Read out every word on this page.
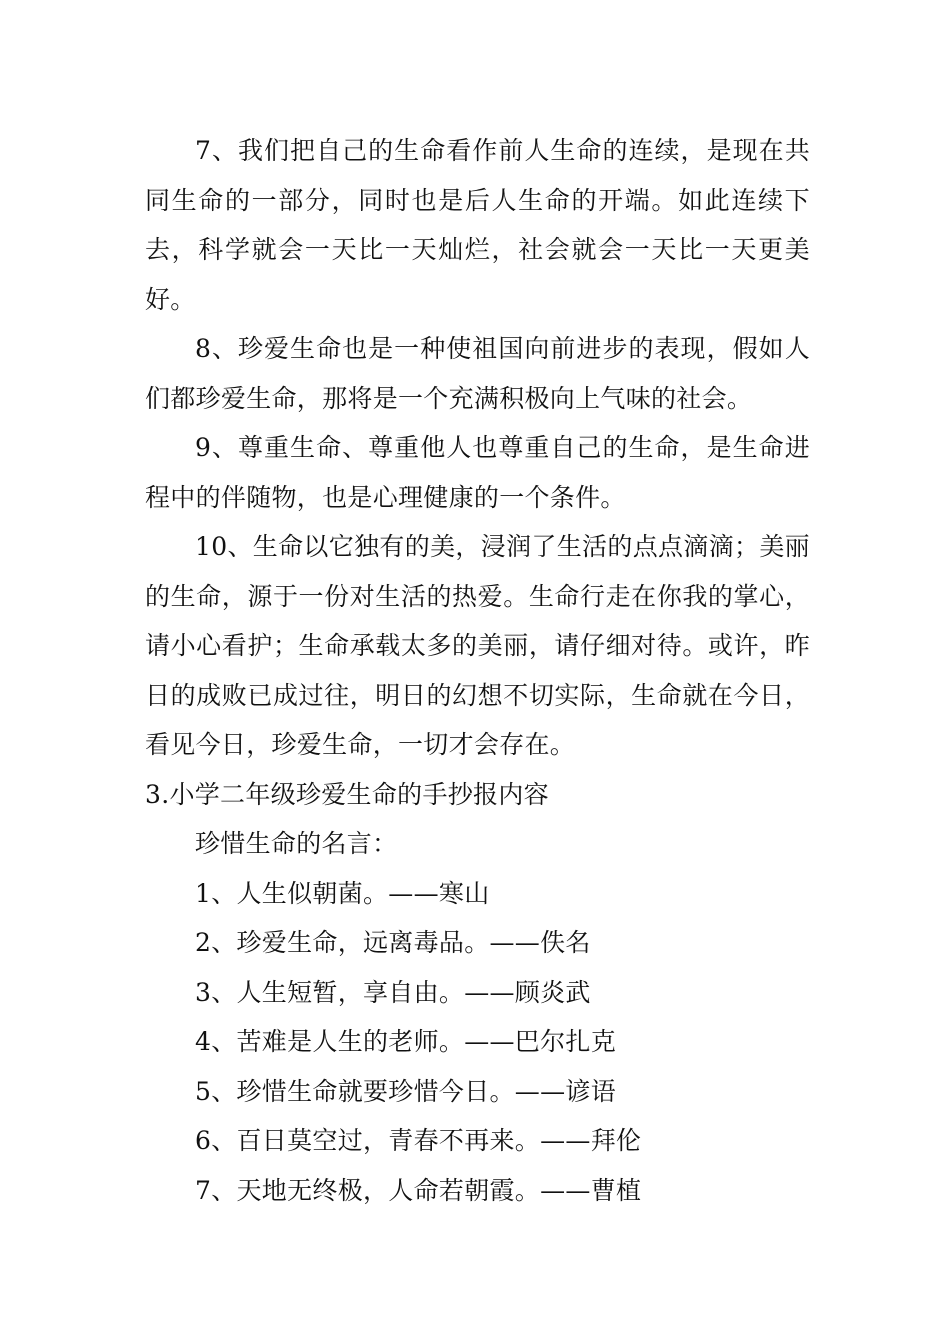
7、我们把自己的生命看作前人生命的连续，是现在共同生命的一部分，同时也是后人生命的开端。如此连续下去，科学就会一天比一天灿烂，社会就会一天比一天更美好。

8、珍爱生命也是一种使祖国向前进步的表现，假如人们都珍爱生命，那将是一个充满积极向上气味的社会。

9、尊重生命、尊重他人也尊重自己的生命，是生命进程中的伴随物，也是心理健康的一个条件。

10、生命以它独有的美，浸润了生活的点点滴滴；美丽的生命，源于一份对生活的热爱。生命行走在你我的掌心，请小心看护；生命承载太多的美丽，请仔细对待。或许，昨日的成败已成过往，明日的幻想不切实际，生命就在今日，看见今日，珍爱生命，一切才会存在。

3.小学二年级珍爱生命的手抄报内容

珍惜生命的名言：

1、人生似朝菌。——寒山

2、珍爱生命，远离毒品。——佚名

3、人生短暂，享自由。——顾炎武

4、苦难是人生的老师。——巴尔扎克

5、珍惜生命就要珍惜今日。——谚语

6、百日莫空过，青春不再来。——拜伦

7、天地无终极，人命若朝霞。——曹植
